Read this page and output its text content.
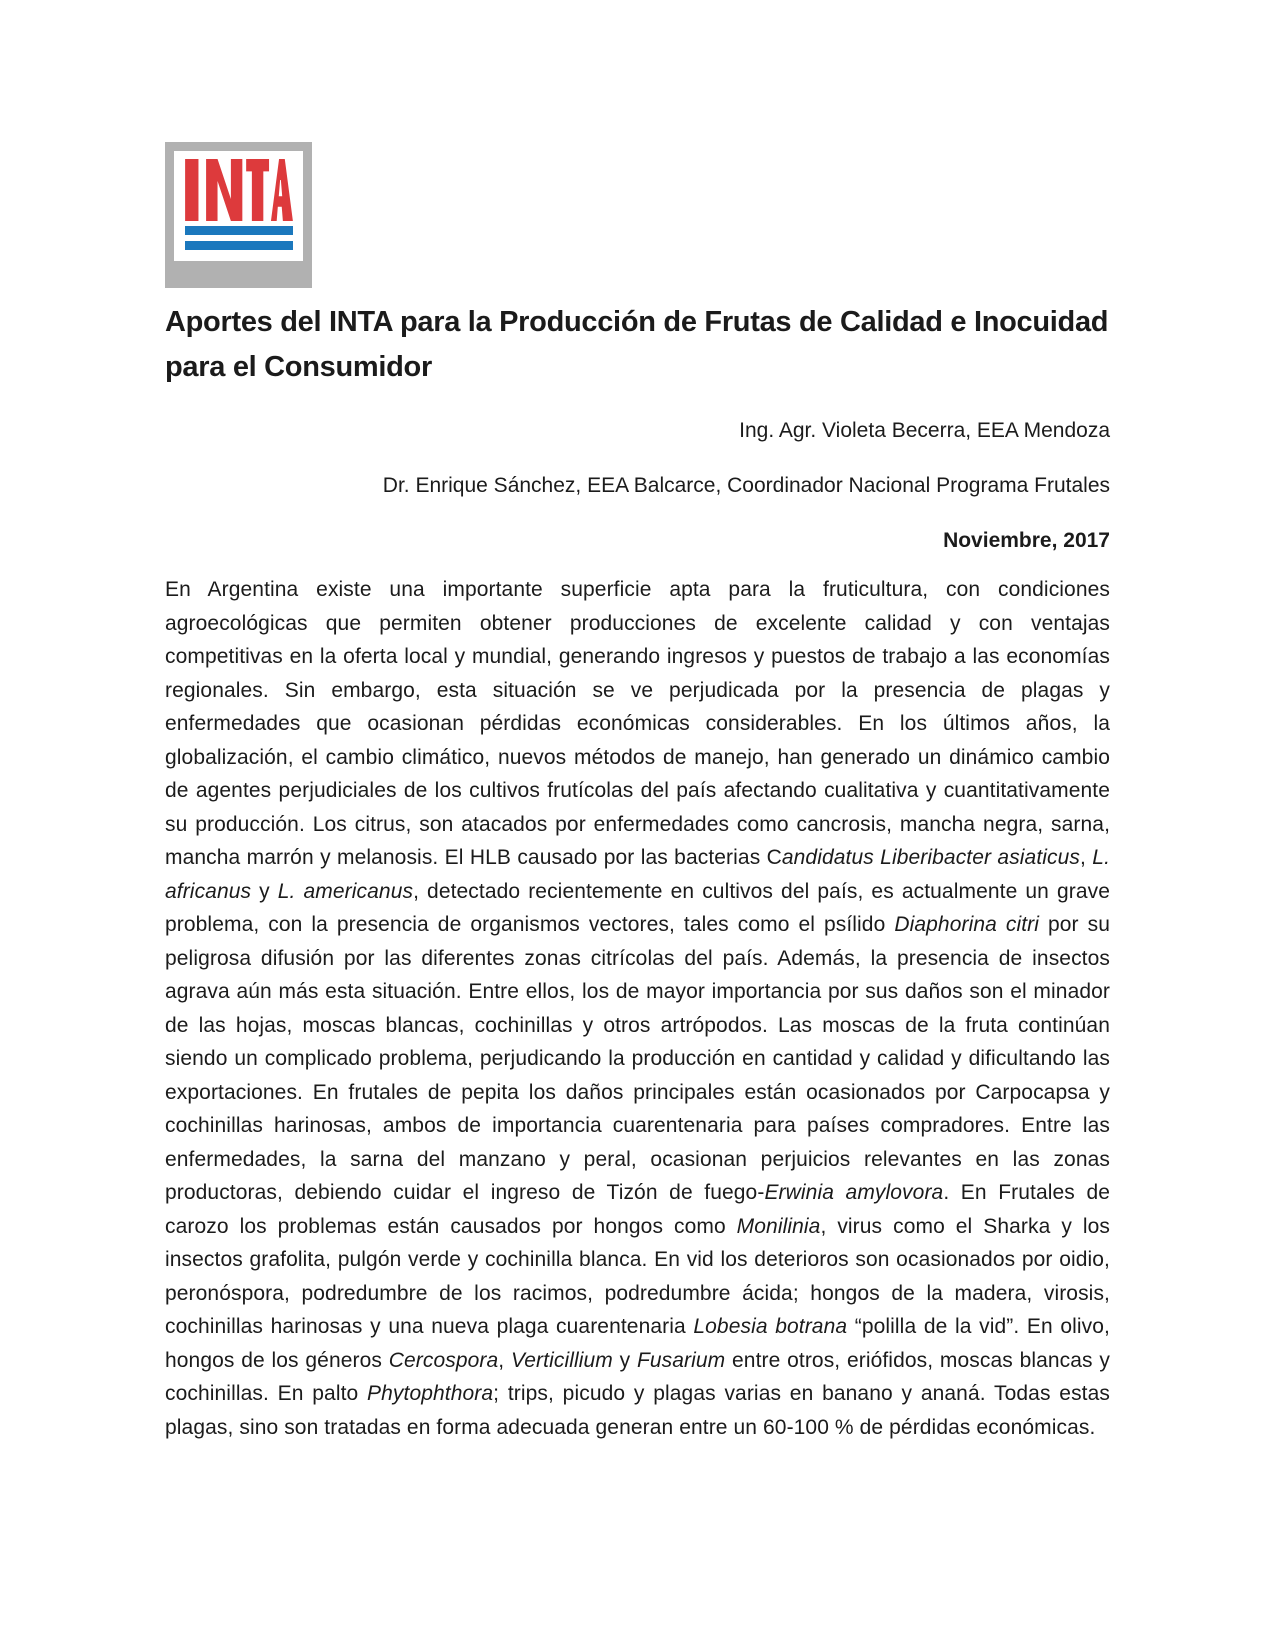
Aportes del INTA para la Producción de Frutas de Calidad e Inocuidad para el Consumidor

Ing. Agr. Violeta Becerra, EEA Mendoza

Dr. Enrique Sánchez, EEA Balcarce, Coordinador Nacional Programa Frutales

Noviembre, 2017

En Argentina existe una importante superficie apta para la fruticultura, con condiciones agroecológicas que permiten obtener producciones de excelente calidad y con ventajas competitivas en la oferta local y mundial, generando ingresos y puestos de trabajo a las economías regionales. Sin embargo, esta situación se ve perjudicada por la presencia de plagas y enfermedades que ocasionan pérdidas económicas considerables. En los últimos años, la globalización, el cambio climático, nuevos métodos de manejo, han generado un dinámico cambio de agentes perjudiciales de los cultivos frutícolas del país afectando cualitativa y cuantitativamente su producción. Los citrus, son atacados por enfermedades como cancrosis, mancha negra, sarna, mancha marrón y melanosis. El HLB causado por las bacterias Candidatus Liberibacter asiaticus, L. africanus y L. americanus, detectado recientemente en cultivos del país, es actualmente un grave problema, con la presencia de organismos vectores, tales como el psílido Diaphorina citri por su peligrosa difusión por las diferentes zonas citrícolas del país. Además, la presencia de insectos agrava aún más esta situación. Entre ellos, los de mayor importancia por sus daños son el minador de las hojas, moscas blancas, cochinillas y otros artrópodos. Las moscas de la fruta continúan siendo un complicado problema, perjudicando la producción en cantidad y calidad y dificultando las exportaciones. En frutales de pepita los daños principales están ocasionados por Carpocapsa y cochinillas harinosas, ambos de importancia cuarentenaria para países compradores. Entre las enfermedades, la sarna del manzano y peral, ocasionan perjuicios relevantes en las zonas productoras, debiendo cuidar el ingreso de Tizón de fuego-Erwinia amylovora. En Frutales de carozo los problemas están causados por hongos como Monilinia, virus como el Sharka y los insectos grafolita, pulgón verde y cochinilla blanca. En vid los deterioros son ocasionados por oidio, peronóspora, podredumbre de los racimos, podredumbre ácida; hongos de la madera, virosis, cochinillas harinosas y una nueva plaga cuarentenaria Lobesia botrana “polilla de la vid”. En olivo, hongos de los géneros Cercospora, Verticillium y Fusarium entre otros, eriófidos, moscas blancas y cochinillas. En palto Phytophthora; trips, picudo y plagas varias en banano y ananá. Todas estas plagas, sino son tratadas en forma adecuada generan entre un 60-100 % de pérdidas económicas.
